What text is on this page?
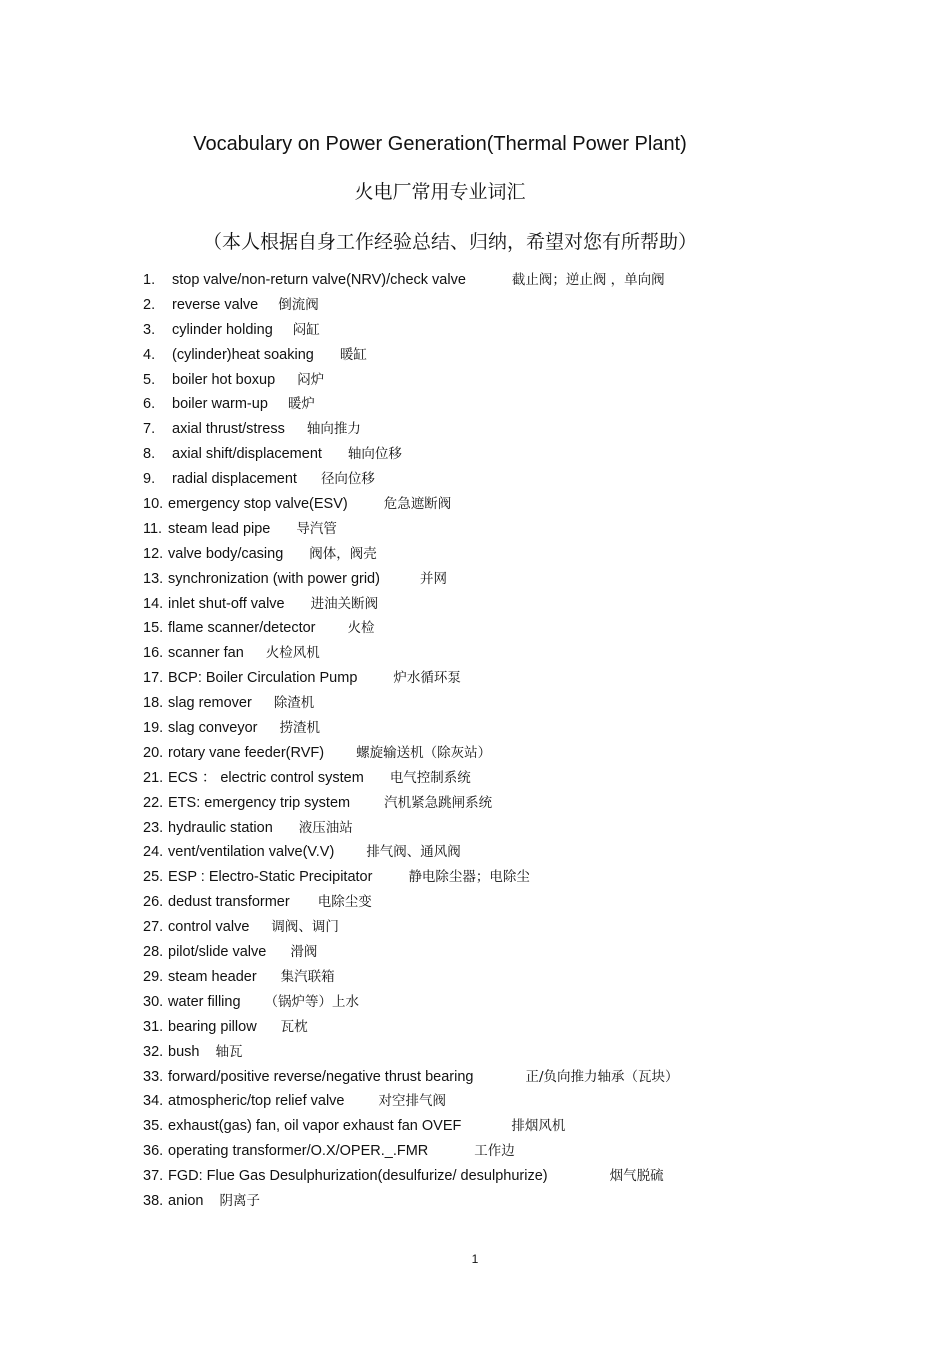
Vocabulary on Power Generation(Thermal Power Plant)
火电厂常用专业词汇
（本人根据自身工作经验总结、归纳，希望对您有所帮助）
1. stop valve/non-return valve(NRV)/check valve	截止阀；逆止阀 ，单向阀
2. reverse valve 倒流阀
3. cylinder holding 闷缸
4. (cylinder)heat soaking 暖缸
5. boiler hot boxup 闷炉
6. boiler warm-up 暖炉
7. axial thrust/stress 轴向推力
8. axial shift/displacement 轴向位移
9. radial displacement 径向位移
10. emergency stop valve(ESV)	危急遮断阀
11. steam lead pipe 导汽管
12. valve body/casing 阀体，阀壳
13. synchronization (with power grid)	并网
14. inlet shut-off valve 进油关断阀
15. flame scanner/detector 火检
16. scanner fan 火检风机
17. BCP: Boiler Circulation Pump	炉水循环泵
18. slag remover 除渣机
19. slag conveyor 捞渣机
20. rotary vane feeder(RVF) 螺旋输送机（除灰站）
21. ECS ： electric control system 电气控制系统
22. ETS: emergency trip system	汽机紧急跳闸系统
23. hydraulic station 液压油站
24. vent/ventilation valve(V.V) 排气阀、通风阀
25. ESP : Electro-Static Precipitator	静电除尘器；电除尘
26. dedust transformer 电除尘变
27. control valve 调阀、调门
28. pilot/slide valve 滑阀
29. steam header 集汽联箱
30. water filling （锅炉等）上水
31. bearing pillow 瓦枕
32. bush 轴瓦
33. forward/positive reverse/negative thrust bearing	正/负向推力轴承（瓦块）
34. atmospheric/top relief valve	对空排气阀
35. exhaust(gas) fan, oil vapor exhaust fan OVEF	排烟风机
36. operating transformer/O.X/OPER._.FMR	工作边
37. FGD: Flue Gas Desulphurization(desulfurize/ desulphurize)	烟气脱硫
38. anion 阴离子
1
